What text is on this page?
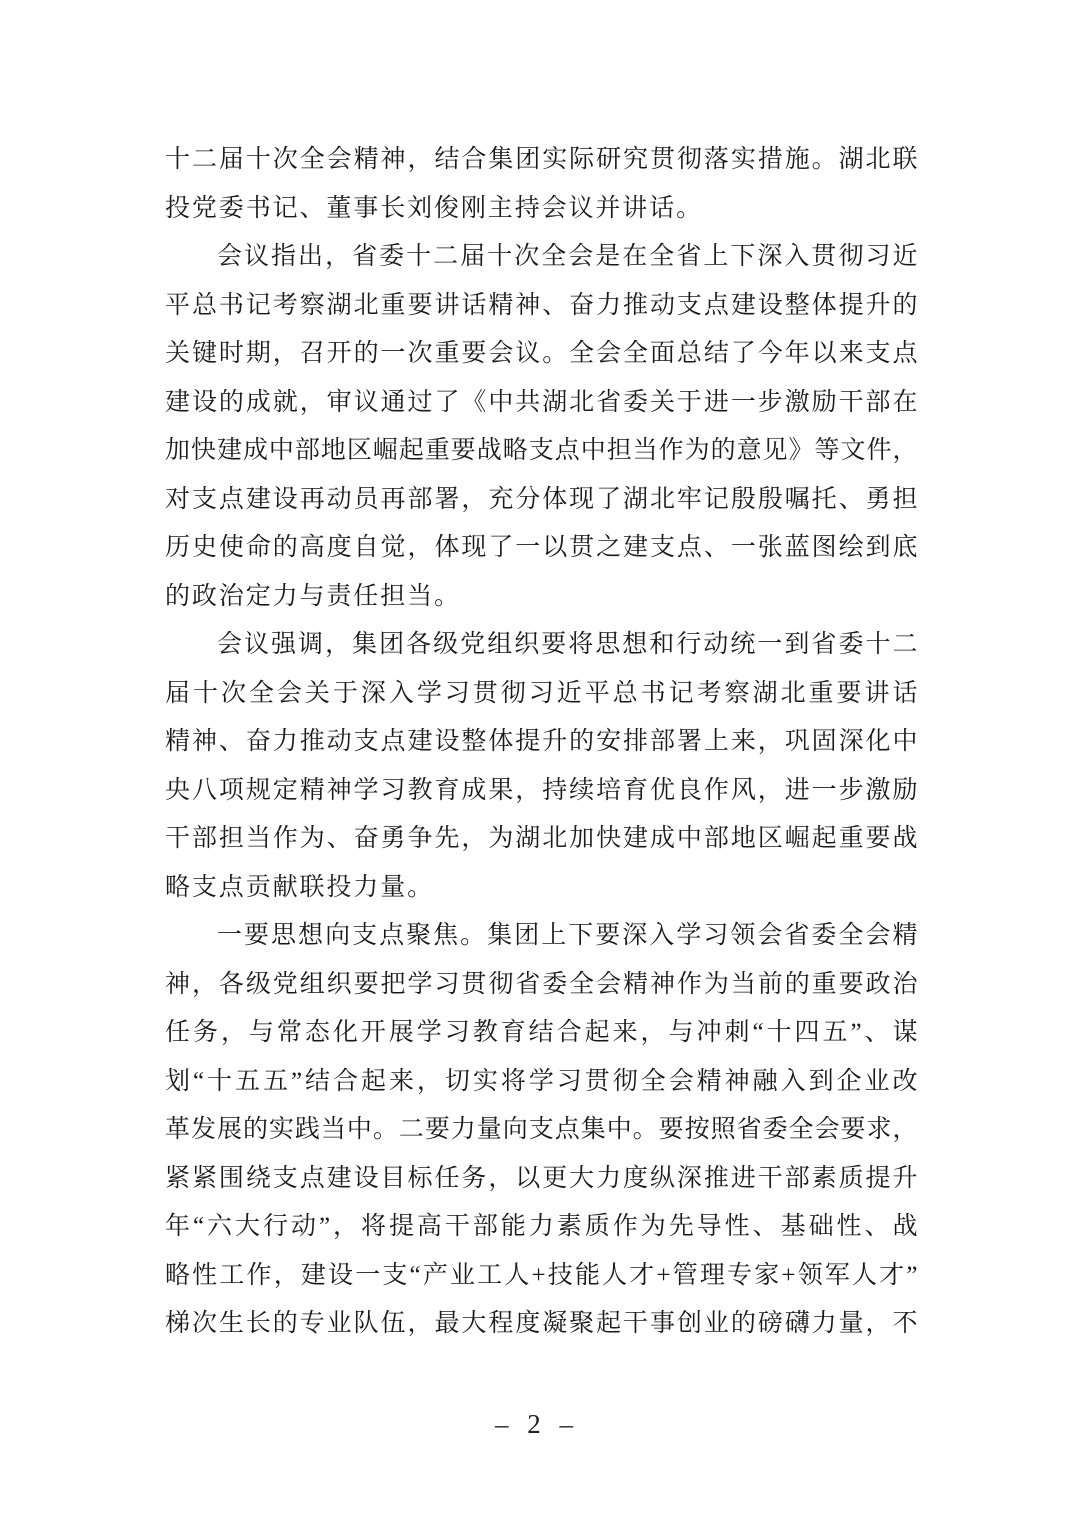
十二届十次全会精神，结合集团实际研究贯彻落实措施。湖北联
投党委书记、董事长刘俊刚主持会议并讲话。
会议指出，省委十二届十次全会是在全省上下深入贯彻习近
平总书记考察湖北重要讲话精神、奋力推动支点建设整体提升的
关键时期，召开的一次重要会议。全会全面总结了今年以来支点
建设的成就，审议通过了《中共湖北省委关于进一步激励干部在
加快建成中部地区崛起重要战略支点中担当作为的意见》等文件，
对支点建设再动员再部署，充分体现了湖北牢记殷殷嘱托、勇担
历史使命的高度自觉，体现了一以贯之建支点、一张蓝图绘到底
的政治定力与责任担当。
会议强调，集团各级党组织要将思想和行动统一到省委十二
届十次全会关于深入学习贯彻习近平总书记考察湖北重要讲话
精神、奋力推动支点建设整体提升的安排部署上来，巩固深化中
央八项规定精神学习教育成果，持续培育优良作风，进一步激励
干部担当作为、奋勇争先，为湖北加快建成中部地区崛起重要战
略支点贡献联投力量。
一要思想向支点聚焦。集团上下要深入学习领会省委全会精
神，各级党组织要把学习贯彻省委全会精神作为当前的重要政治
任务，与常态化开展学习教育结合起来，与冲刺“十四五”、谋
划“十五五”结合起来，切实将学习贯彻全会精神融入到企业改
革发展的实践当中。二要力量向支点集中。要按照省委全会要求，
紧紧围绕支点建设目标任务，以更大力度纵深推进干部素质提升
年“六大行动”，将提高干部能力素质作为先导性、基础性、战
略性工作，建设一支“产业工人+技能人才+管理专家+领军人才”
梯次生长的专业队伍，最大程度凝聚起干事创业的磅礴力量，不
– 2 –
